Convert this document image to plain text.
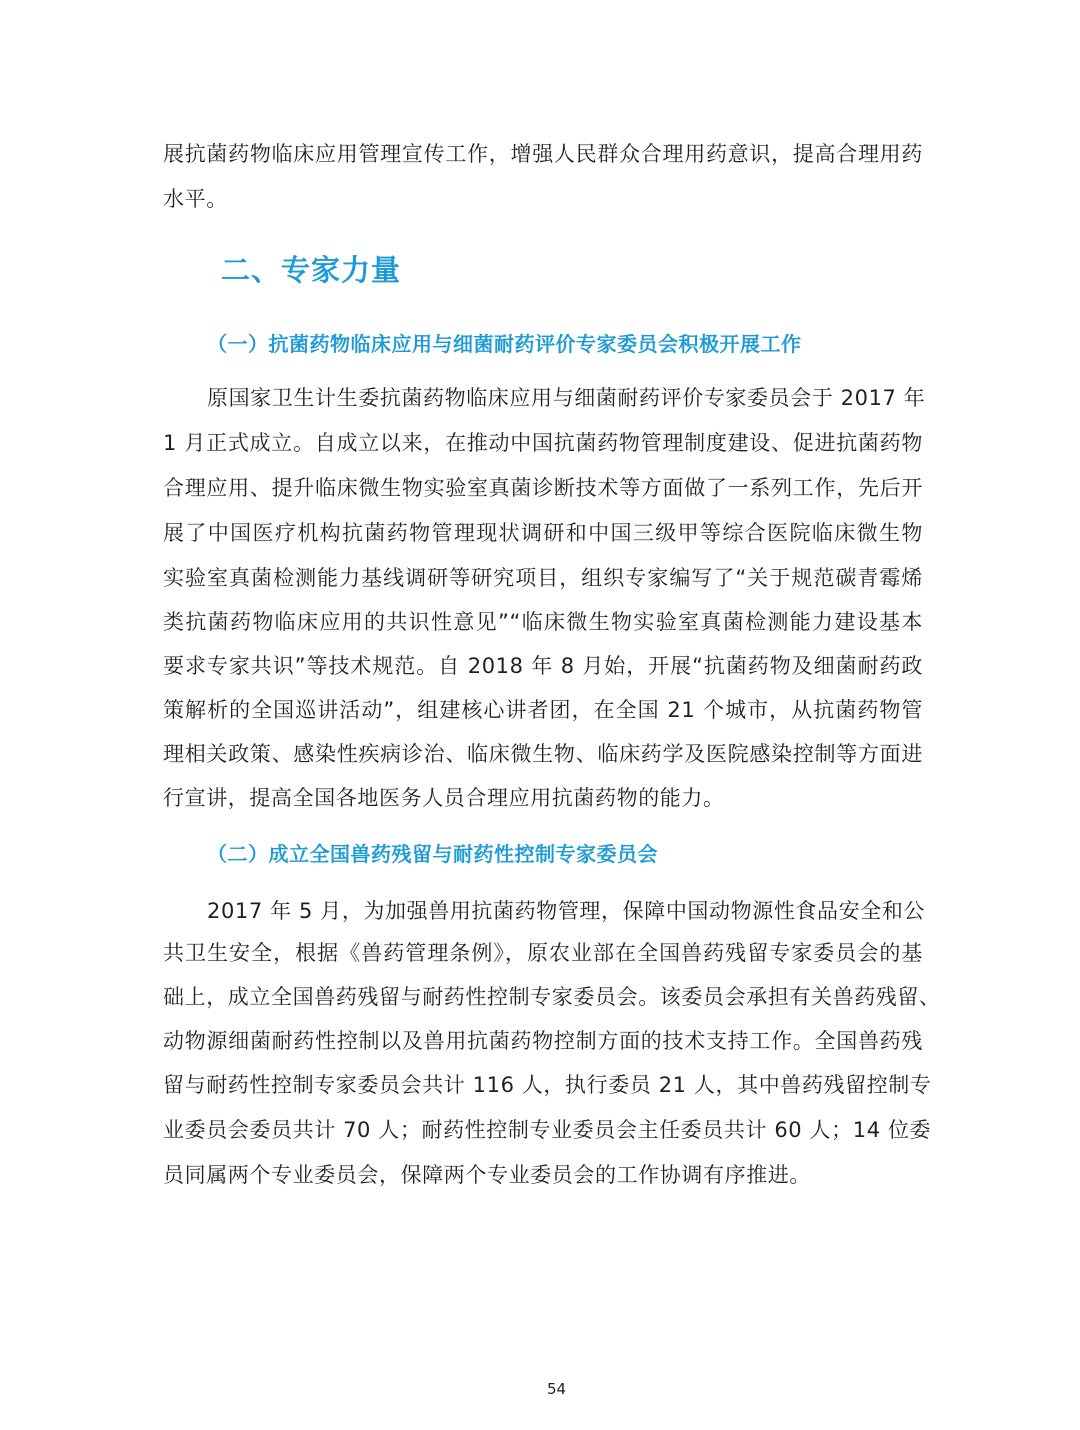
展抗菌药物临床应用管理宣传工作，增强人民群众合理用药意识，提高合理用药
水平。
二、专家力量
（一）抗菌药物临床应用与细菌耐药评价专家委员会积极开展工作
原国家卫生计生委抗菌药物临床应用与细菌耐药评价专家委员会于 2017 年
1 月正式成立。自成立以来，在推动中国抗菌药物管理制度建设、促进抗菌药物
合理应用、提升临床微生物实验室真菌诊断技术等方面做了一系列工作，先后开
展了中国医疗机构抗菌药物管理现状调研和中国三级甲等综合医院临床微生物
实验室真菌检测能力基线调研等研究项目，组织专家编写了“关于规范碳青霉烯
类抗菌药物临床应用的共识性意见”“临床微生物实验室真菌检测能力建设基本
要求专家共识”等技术规范。自 2018 年 8 月始，开展“抗菌药物及细菌耐药政
策解析的全国巡讲活动”，组建核心讲者团，在全国 21 个城市，从抗菌药物管
理相关政策、感染性疾病诊治、临床微生物、临床药学及医院感染控制等方面进
行宣讲，提高全国各地医务人员合理应用抗菌药物的能力。
（二）成立全国兽药残留与耐药性控制专家委员会
2017 年 5 月，为加强兽用抗菌药物管理，保障中国动物源性食品安全和公
共卫生安全，根据《兽药管理条例》，原农业部在全国兽药残留专家委员会的基
础上，成立全国兽药残留与耐药性控制专家委员会。该委员会承担有关兽药残留、
动物源细菌耐药性控制以及兽用抗菌药物控制方面的技术支持工作。全国兽药残
留与耐药性控制专家委员会共计 116 人，执行委员 21 人，其中兽药残留控制专
业委员会委员共计 70 人；耐药性控制专业委员会主任委员共计 60 人；14 位委
员同属两个专业委员会，保障两个专业委员会的工作协调有序推进。
54
